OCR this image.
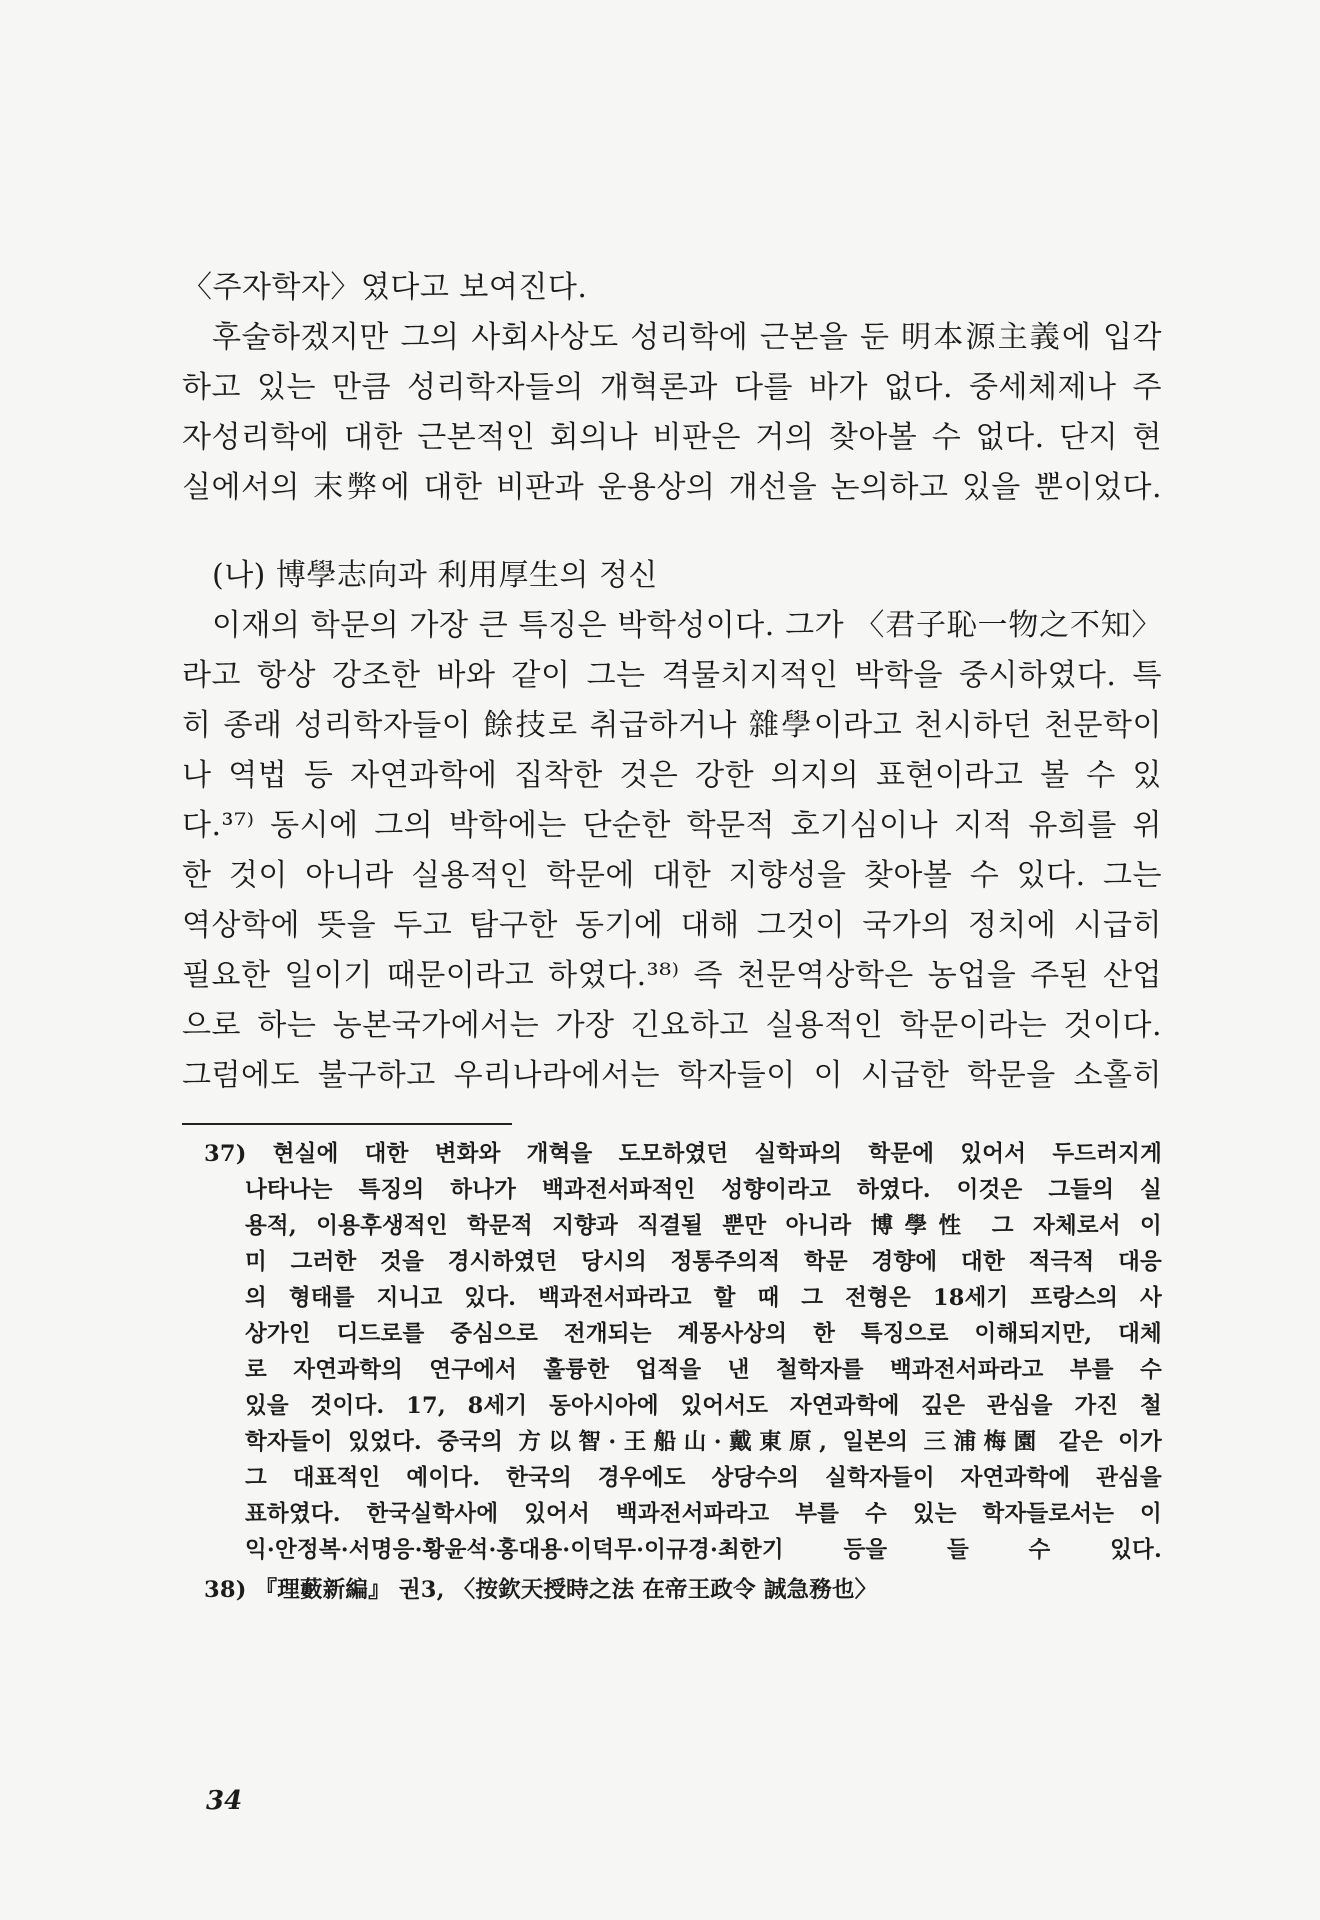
〈주자학자〉였다고 보여진다.
후술하겠지만 그의 사회사상도 성리학에 근본을 둔 明本源主義에 입각
하고 있는 만큼 성리학자들의 개혁론과 다를 바가 없다. 중세체제나 주
자성리학에 대한 근본적인 회의나 비판은 거의 찾아볼 수 없다. 단지 현
실에서의 末弊에 대한 비판과 운용상의 개선을 논의하고 있을 뿐이었다.
(나) 博學志向과 利用厚生의 정신
이재의 학문의 가장 큰 특징은 박학성이다. 그가 〈君子恥一物之不知〉
라고 항상 강조한 바와 같이 그는 격물치지적인 박학을 중시하였다. 특
히 종래 성리학자들이 餘技로 취급하거나 雜學이라고 천시하던 천문학이
나 역법 등 자연과학에 집착한 것은 강한 의지의 표현이라고 볼 수 있
다.³⁷⁾ 동시에 그의 박학에는 단순한 학문적 호기심이나 지적 유희를 위
한 것이 아니라 실용적인 학문에 대한 지향성을 찾아볼 수 있다. 그는
역상학에 뜻을 두고 탐구한 동기에 대해 그것이 국가의 정치에 시급히
필요한 일이기 때문이라고 하였다.³⁸⁾ 즉 천문역상학은 농업을 주된 산업
으로 하는 농본국가에서는 가장 긴요하고 실용적인 학문이라는 것이다.
그럼에도 불구하고 우리나라에서는 학자들이 이 시급한 학문을 소홀히
37) 현실에 대한 변화와 개혁을 도모하였던 실학파의 학문에 있어서 두드러지게
나타나는 특징의 하나가 백과전서파적인 성향이라고 하였다. 이것은 그들의 실
용적, 이용후생적인 학문적 지향과 직결될 뿐만 아니라 博學性 그 자체로서 이
미 그러한 것을 경시하였던 당시의 정통주의적 학문 경향에 대한 적극적 대응
의 형태를 지니고 있다. 백과전서파라고 할 때 그 전형은 18세기 프랑스의 사
상가인 디드로를 중심으로 전개되는 계몽사상의 한 특징으로 이해되지만, 대체
로 자연과학의 연구에서 훌륭한 업적을 낸 철학자를 백과전서파라고 부를 수
있을 것이다. 17, 8세기 동아시아에 있어서도 자연과학에 깊은 관심을 가진 철
학자들이 있었다. 중국의 方以智·王船山·戴東原, 일본의 三浦梅園 같은 이가
그 대표적인 예이다. 한국의 경우에도 상당수의 실학자들이 자연과학에 관심을
표하였다. 한국실학사에 있어서 백과전서파라고 부를 수 있는 학자들로서는 이
익·안정복·서명응·황윤석·홍대용·이덕무·이규경·최한기 등을 들 수 있다.
38) 『理藪新編』 권3, 〈按欽天授時之法 在帝王政令 誠急務也〉
34
